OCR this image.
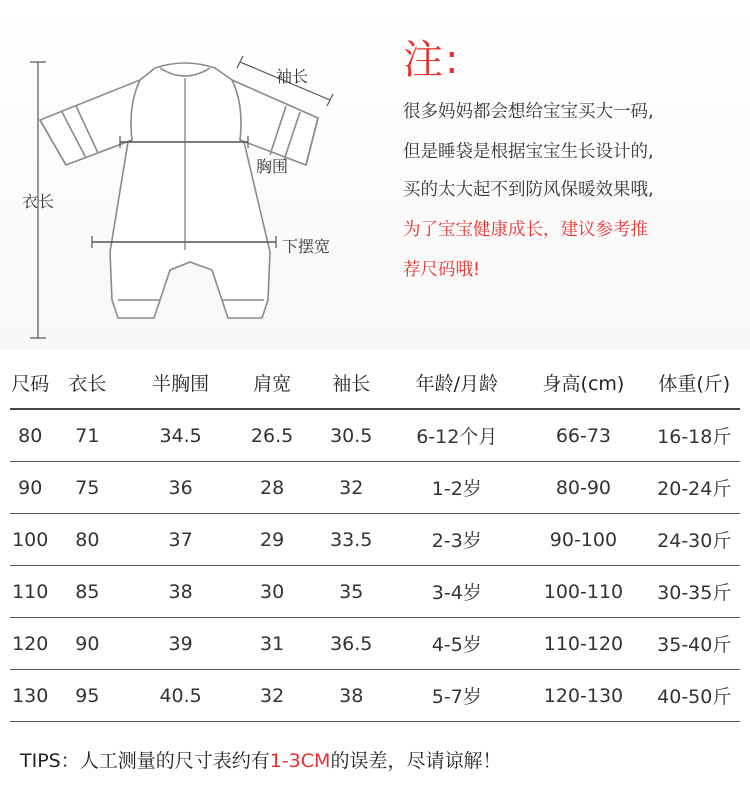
衣长
胸围
下摆宽
袖长 注:
很多妈妈都会想给宝宝买大一码,
但是睡袋是根据宝宝生长设计的,
买的太大起不到防风保暖效果哦,
为了宝宝健康成长，建议参考推
荐尺码哦!
尺码	衣长	半胸围	肩宽	袖长	年龄/月龄	身高(cm)	体重(斤)
80	71	34.5	26.5	30.5	6-12个月	66-73	16-18斤
90	75	36	28	32	1-2岁	80-90	20-24斤
100	80	37	29	33.5	2-3岁	90-100	24-30斤
110	85	38	30	35	3-4岁	100-110	30-35斤
120	90	39	31	36.5	4-5岁	110-120	35-40斤
130	95	40.5	32	38	5-7岁	120-130	40-50斤
TIPS：人工测量的尺寸表约有1-3CM的误差，尽请谅解！
